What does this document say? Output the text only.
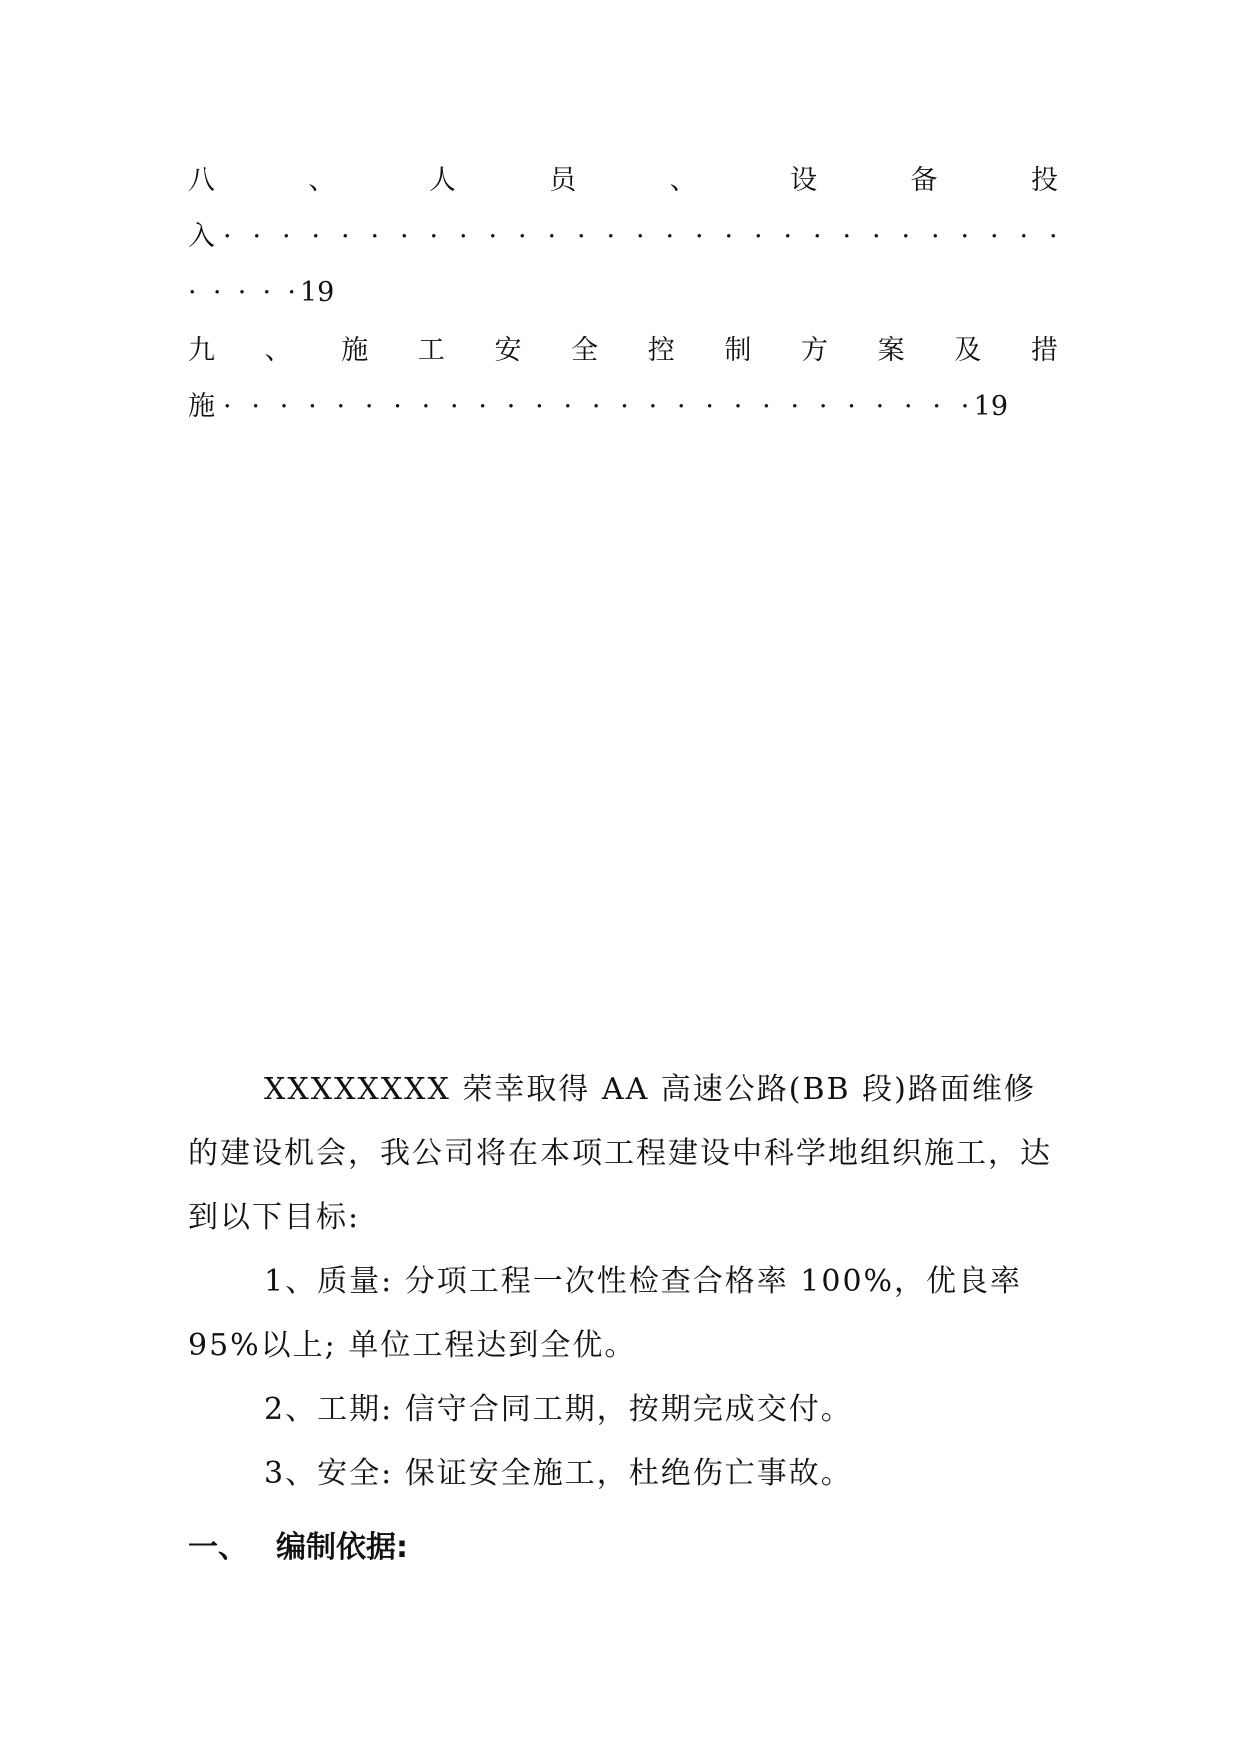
八	、	人	员	、	设	备	投
入 · · · · · · · · · · · · · · · · · · · · · · · · · · · · ·
· · · · · 19
九 、 施 工 安 全 控 制 方 案 及 措
施 · · · · · · · · · · · · · · · · · · · · · · · · · · · 19
XXXXXXXX 荣幸取得 AA 高速公路(BB 段)路面维修的建设机会，我公司将在本项工程建设中科学地组织施工，达到以下目标:
1、质量: 分项工程一次性检查合格率 100%，优良率 95%以上; 单位工程达到全优。
2、工期: 信守合同工期，按期完成交付。
3、安全: 保证安全施工，杜绝伤亡事故。
一、 编制依据:
